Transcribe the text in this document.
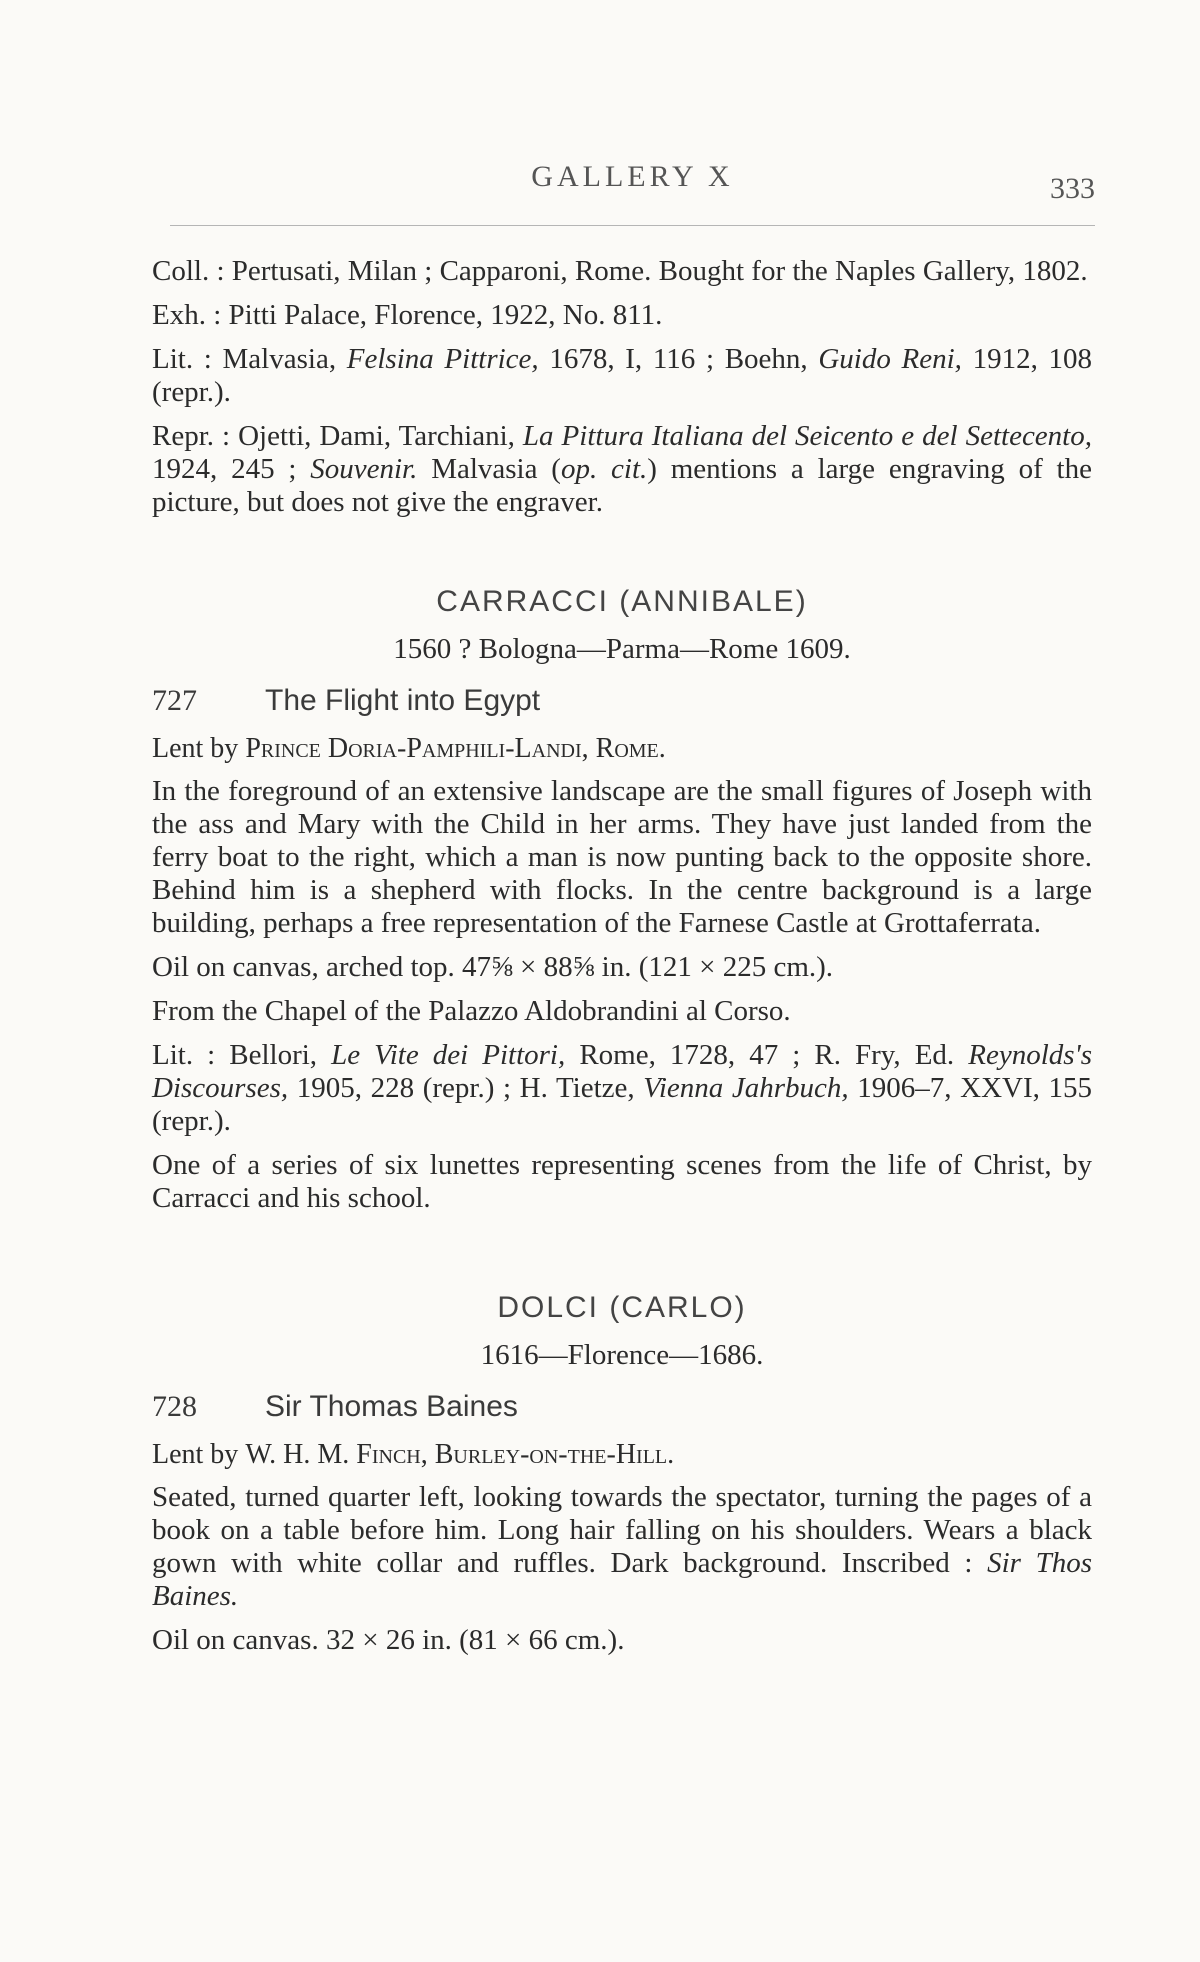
GALLERY X	333

Coll. : Pertusati, Milan ; Capparoni, Rome. Bought for the Naples Gallery, 1802.

Exh. : Pitti Palace, Florence, 1922, No. 811.

Lit. : Malvasia, Felsina Pittrice, 1678, I, 116 ; Boehn, Guido Reni, 1912, 108 (repr.).

Repr. : Ojetti, Dami, Tarchiani, La Pittura Italiana del Seicento e del Settecento, 1924, 245 ; Souvenir. Malvasia (op. cit.) mentions a large engraving of the picture, but does not give the engraver.

CARRACCI (ANNIBALE)
1560 ? Bologna—Parma—Rome 1609.
727 The Flight into Egypt

Lent by Prince Doria-Pamphili-Landi, Rome.

In the foreground of an extensive landscape are the small figures of Joseph with the ass and Mary with the Child in her arms. They have just landed from the ferry boat to the right, which a man is now punting back to the opposite shore. Behind him is a shepherd with flocks. In the centre background is a large building, perhaps a free representation of the Farnese Castle at Grottaferrata.

Oil on canvas, arched top. 47⅝ × 88⅝ in. (121 × 225 cm.).

From the Chapel of the Palazzo Aldobrandini al Corso.

Lit. : Bellori, Le Vite dei Pittori, Rome, 1728, 47 ; R. Fry, Ed. Reynolds's Discourses, 1905, 228 (repr.) ; H. Tietze, Vienna Jahrbuch, 1906–7, XXVI, 155 (repr.).

One of a series of six lunettes representing scenes from the life of Christ, by Carracci and his school.

DOLCI (CARLO)
1616—Florence—1686.
728 Sir Thomas Baines

Lent by W. H. M. Finch, Burley-on-the-Hill.

Seated, turned quarter left, looking towards the spectator, turning the pages of a book on a table before him. Long hair falling on his shoulders. Wears a black gown with white collar and ruffles. Dark background. Inscribed : Sir Thos Baines.

Oil on canvas. 32 × 26 in. (81 × 66 cm.).
